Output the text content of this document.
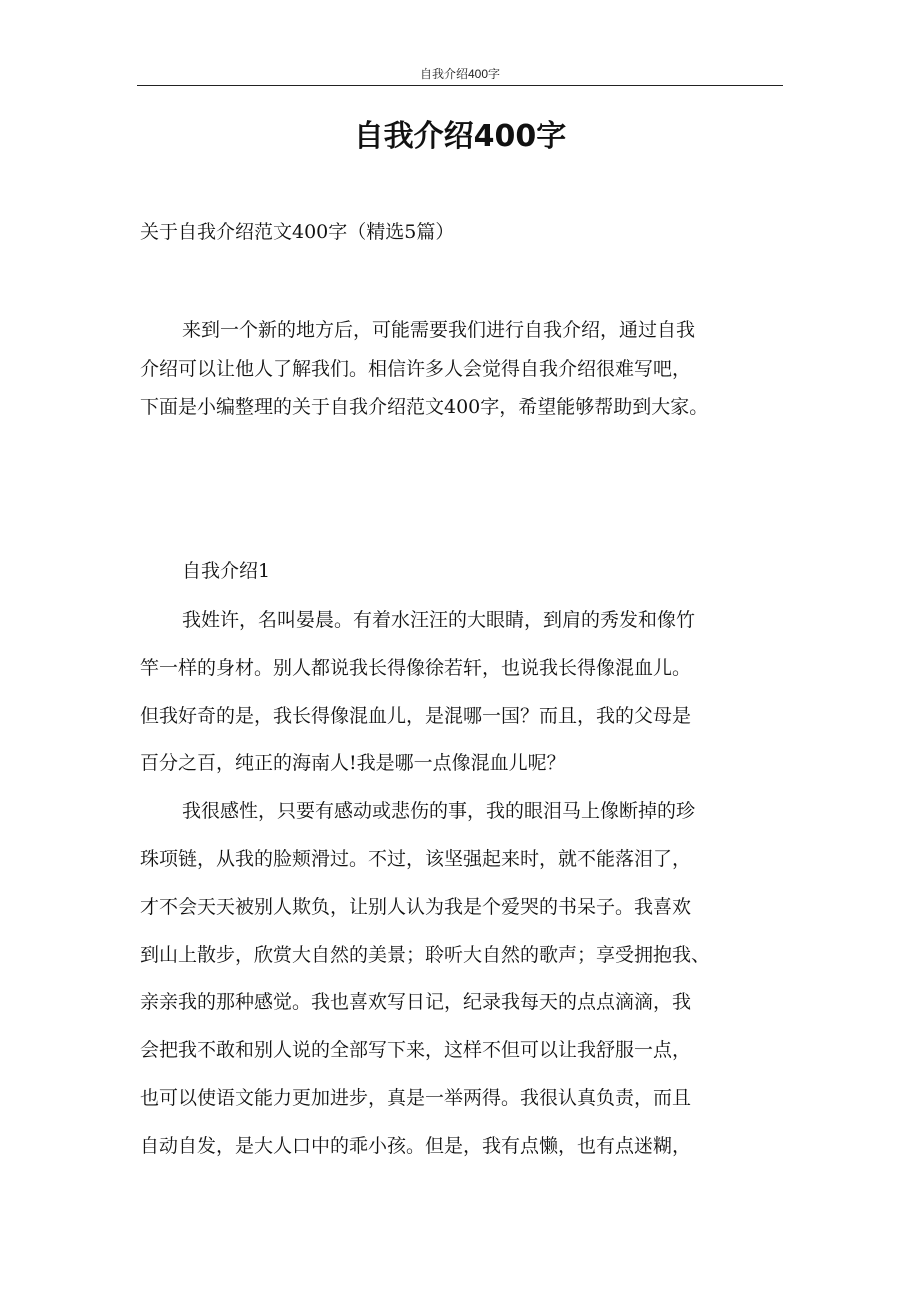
自我介绍400字
自我介绍400字
关于自我介绍范文400字（精选5篇）
来到一个新的地方后，可能需要我们进行自我介绍，通过自我
介绍可以让他人了解我们。相信许多人会觉得自我介绍很难写吧，
下面是小编整理的关于自我介绍范文400字，希望能够帮助到大家。
自我介绍1
我姓许，名叫晏晨。有着水汪汪的大眼睛，到肩的秀发和像竹
竿一样的身材。别人都说我长得像徐若轩，也说我长得像混血儿。
但我好奇的是，我长得像混血儿，是混哪一国？而且，我的父母是
百分之百，纯正的海南人!我是哪一点像混血儿呢？
我很感性，只要有感动或悲伤的事，我的眼泪马上像断掉的珍
珠项链，从我的脸颊滑过。不过，该坚强起来时，就不能落泪了，
才不会天天被别人欺负，让别人认为我是个爱哭的书呆子。我喜欢
到山上散步，欣赏大自然的美景；聆听大自然的歌声；享受拥抱我、
亲亲我的那种感觉。我也喜欢写日记，纪录我每天的点点滴滴，我
会把我不敢和别人说的全部写下来，这样不但可以让我舒服一点，
也可以使语文能力更加进步，真是一举两得。我很认真负责，而且
自动自发，是大人口中的乖小孩。但是，我有点懒，也有点迷糊，
